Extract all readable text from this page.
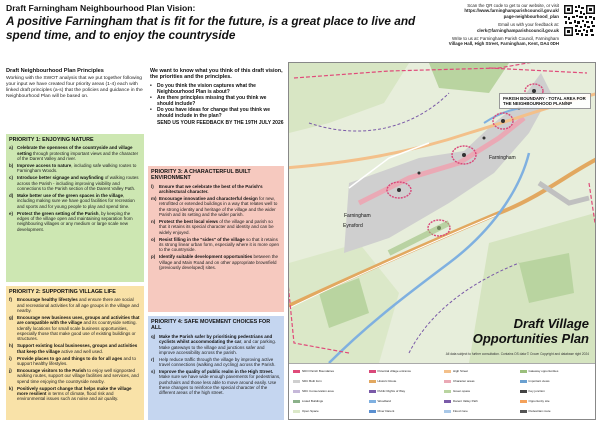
Draft Farningham Neighbourhood Plan Vision:
A positive Farningham that is fit for the future, is a great place to live and spend time, and to enjoy the countryside
Scan the QR code to get to our website, or visit
https://www.farninghamparishcouncil.gov.uk/
page-neighbourhood_plan
Email us with your feedback at:
clerk@farninghamparishcouncil.gov.uk
Write to us at: Farningham Parish Council, Farningham
Village Hall, High Street, Farningham, Kent, DA4 0DH
Draft Neighbourhood Plan Principles
Working with the SWOT analysis that we put together following your input we have created four priority areas (1-4) each with linked draft principles (a-s) that the policies and guidance in the Neighbourhood Plan will be based on.
PRIORITY 1: ENJOYING NATURE
a) Celebrate the openness of the countryside and village setting through protecting important views and the character of the Darent Valley and river.
b) Improve access to nature, including safe walking routes to Farningham Woods.
c) Introduce better signage and wayfinding of walking routes across the Parish - including improving visibility and connections to the Parish section of the Darent Valley Path.
d) Make better use of the green spaces in the village, including making sure we have good facilities for recreation and sports and for young people to play and spend time.
e) Protect the green setting of the Parish, by keeping the edges of the village open and maintaining separation from neighbouring villages or any medium or large scale new development.
PRIORITY 2: SUPPORTING VILLAGE LIFE
f)	Encourage healthy lifestyles and ensure there are social and recreational activities for all age groups in the village and nearby.
g) Encourage new business uses, groups and activities that are compatible with the village and its countryside setting. Identify locations for small scale business opportunities, especially those that make good use of existing buildings or structures.
h) Support existing local businesses, groups and activities that keep the village active and well used.
i)	Provide places to go and things to do for all ages and to support healthy lifestyles.
j)	Encourage visitors to the Parish to enjoy well signposted walking routes, support our village facilities and services, and spend time enjoying the countryside nearby.
k) Positively support change that helps make the village more resilient in terms of climate, flood risk and environmental issues such as noise and air quality.
We want to know what you think of this draft vision, the priorities and the principles.
•	Do you think the vision captures what the Neighbourhood Plan is about?
•	Are there principles missing that you think we should include?
•	Do you have ideas for change that you think we should include in the plan?
SEND US YOUR FEEDBACK BY THE 19TH JULY 2026
PRIORITY 3: A CHARACTERFUL BUILT ENVIRONMENT
l)	Ensure that we celebrate the best of the Parish's architectural character.
m) Encourage innovative and characterful design for new, retrofitted or extended buildings in a way that relates well to the strong identity and heritage of the village and the wider Parish and its setting and the wider parish.
n) Protect the best local views of the village and parish so that it retains its special character and identity and can be widely enjoyed.
o) Resist filling in the "sides" of the village so that it retains its strong linear urban form, especially where it is more open to the countryside.
p) Identify suitable development opportunities between the Village and Main Road and on other appropriate brownfield (previously developed) sites.
PRIORITY 4: SAFE MOVEMENT CHOICES FOR ALL
q) Make the Parish safer by prioritising pedestrians and cyclists whilst accommodating the car, and car parking. Make gateways to the village and junctions safer and improve accessibility across the parish.
r)	Help reduce traffic through the village by improving active travel connections (walking and cycling) across the Parish.
s) Improve the quality of public realm in the High Street. Make sure we have wide enough pavements for pedestrians, pushchairs and those less able to move around easily. Use these changes to reinforce the special character of the different areas of the high street.
PARISH BOUNDARY - TOTAL AREA FOR THE NEIGHBOURHOOD PLAN/NP
Farningham
Farningham
Eynsford
Draft Village
Opportunities Plan
All data subject to further consultation. Contains OS data © Crown Copyright and database right 2024
NDO Parish Boundaries	Potential village entrance	High Street	Gateway opportunities
SDC Built form	Historic Route	Character areas	Important views
SDC Conservation area	Public Rights of Way	Green space	Key junction
Listed Buildings	Woodland	Darent Valley Path	Opportunity site
Open Space	River Darent	Flood zone	Pedestrian route
